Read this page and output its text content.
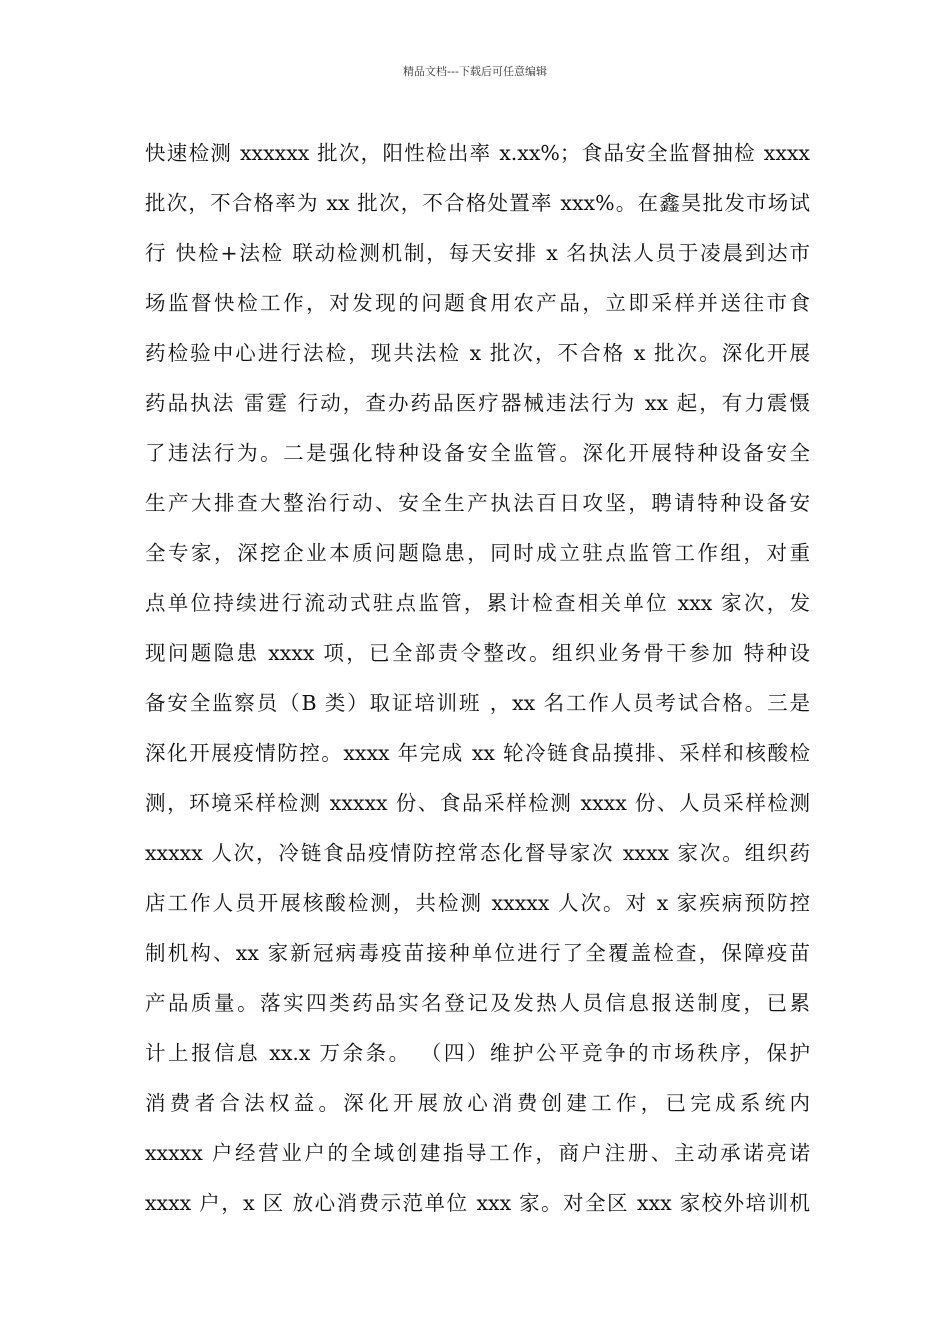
精品文档---下载后可任意编辑
快速检测 xxxxxx 批次，阳性检出率 x.xx%；食品安全监督抽检 xxxx
批次，不合格率为 xx 批次，不合格处置率 xxx%。在鑫昊批发市场试
行 快检+法检 联动检测机制，每天安排 x 名执法人员于凌晨到达市
场监督快检工作，对发现的问题食用农产品，立即采样并送往市食
药检验中心进行法检，现共法检 x 批次，不合格 x 批次。深化开展
药品执法 雷霆 行动，查办药品医疗器械违法行为 xx 起，有力震慑
了违法行为。二是强化特种设备安全监管。深化开展特种设备安全
生产大排查大整治行动、安全生产执法百日攻坚，聘请特种设备安
全专家，深挖企业本质问题隐患，同时成立驻点监管工作组，对重
点单位持续进行流动式驻点监管，累计检查相关单位 xxx 家次，发
现问题隐患 xxxx 项，已全部责令整改。组织业务骨干参加 特种设
备安全监察员（B 类）取证培训班 ，xx 名工作人员考试合格。三是
深化开展疫情防控。xxxx 年完成 xx 轮冷链食品摸排、采样和核酸检
测，环境采样检测 xxxxx 份、食品采样检测 xxxx 份、人员采样检测
xxxxx 人次，冷链食品疫情防控常态化督导家次 xxxx 家次。组织药
店工作人员开展核酸检测，共检测 xxxxx 人次。对 x 家疾病预防控
制机构、xx 家新冠病毒疫苗接种单位进行了全覆盖检查，保障疫苗
产品质量。落实四类药品实名登记及发热人员信息报送制度，已累
计上报信息 xx.x 万余条。 （四）维护公平竞争的市场秩序，保护
消费者合法权益。深化开展放心消费创建工作，已完成系统内
xxxxx 户经营业户的全域创建指导工作，商户注册、主动承诺亮诺
xxxx 户，x 区 放心消费示范单位 xxx 家。对全区 xxx 家校外培训机
